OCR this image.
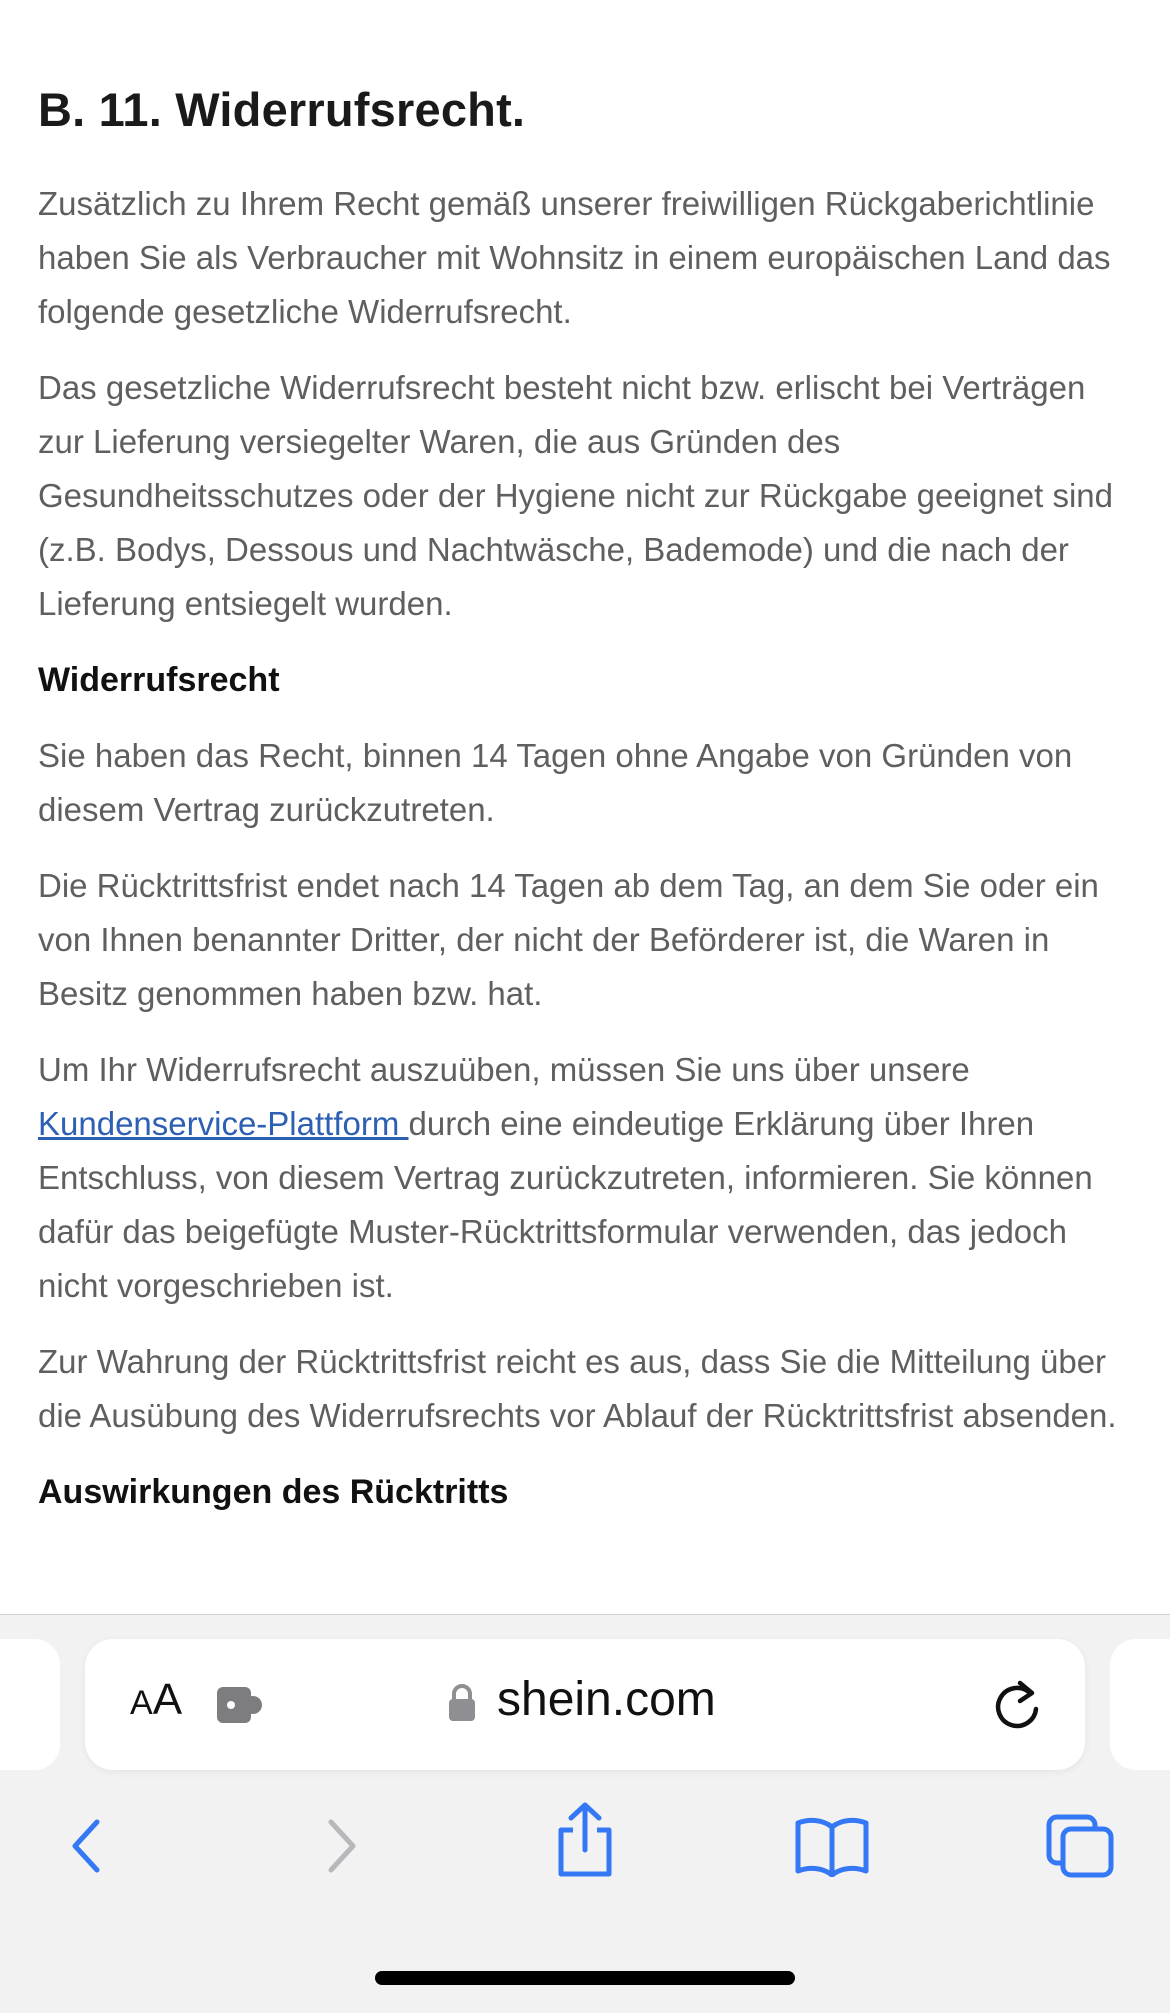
B. 11. Widerrufsrecht.

Zusätzlich zu Ihrem Recht gemäß unserer freiwilligen Rückgaberichtlinie haben Sie als Verbraucher mit Wohnsitz in einem europäischen Land das folgende gesetzliche Widerrufsrecht.

Das gesetzliche Widerrufsrecht besteht nicht bzw. erlischt bei Verträgen zur Lieferung versiegelter Waren, die aus Gründen des Gesundheitsschutzes oder der Hygiene nicht zur Rückgabe geeignet sind (z.B. Bodys, Dessous und Nachtwäsche, Bademode) und die nach der Lieferung entsiegelt wurden.

Widerrufsrecht

Sie haben das Recht, binnen 14 Tagen ohne Angabe von Gründen von diesem Vertrag zurückzutreten.

Die Rücktrittsfrist endet nach 14 Tagen ab dem Tag, an dem Sie oder ein von Ihnen benannter Dritter, der nicht der Beförderer ist, die Waren in Besitz genommen haben bzw. hat.

Um Ihr Widerrufsrecht auszuüben, müssen Sie uns über unsere Kundenservice-Plattform durch eine eindeutige Erklärung über Ihren Entschluss, von diesem Vertrag zurückzutreten, informieren. Sie können dafür das beigefügte Muster-Rücktrittsformular verwenden, das jedoch nicht vorgeschrieben ist.

Zur Wahrung der Rücktrittsfrist reicht es aus, dass Sie die Mitteilung über die Ausübung des Widerrufsrechts vor Ablauf der Rücktrittsfrist absenden.

Auswirkungen des Rücktritts
AA	shein.com
